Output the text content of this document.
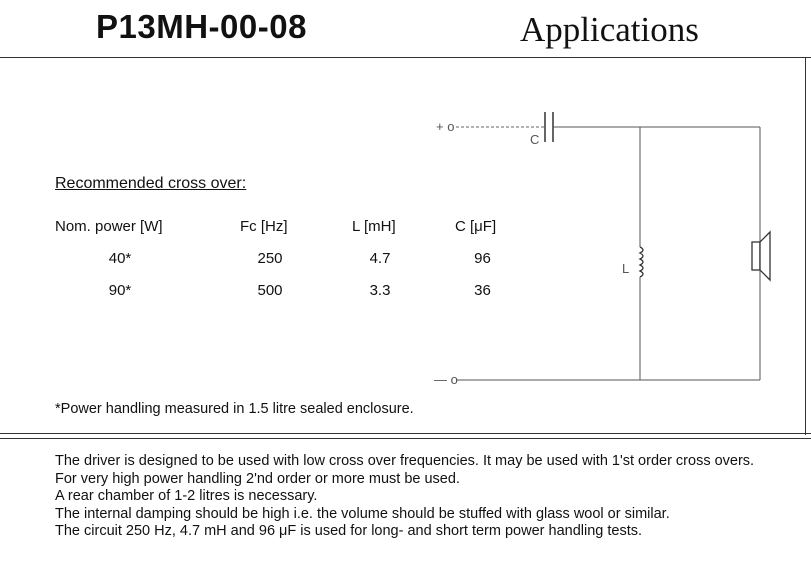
P13MH-00-08	Applications
Recommended cross over:
Nom. power [W]	Fc [Hz]	L [mH]	C [μF]
40*	250	4.7	96
90*	500	3.3	36
*Power handling measured in 1.5 litre sealed enclosure.
+ o
C
L
— o

The driver is designed to be used with low cross over frequencies. It may be used with 1'st order cross overs.

For very high power handling 2'nd order or more must be used.

A rear chamber of 1-2 litres is necessary.

The internal damping should be high i.e. the volume should be stuffed with glass wool or similar.

The circuit 250 Hz, 4.7 mH and 96 μF is used for long- and short term power handling tests.
